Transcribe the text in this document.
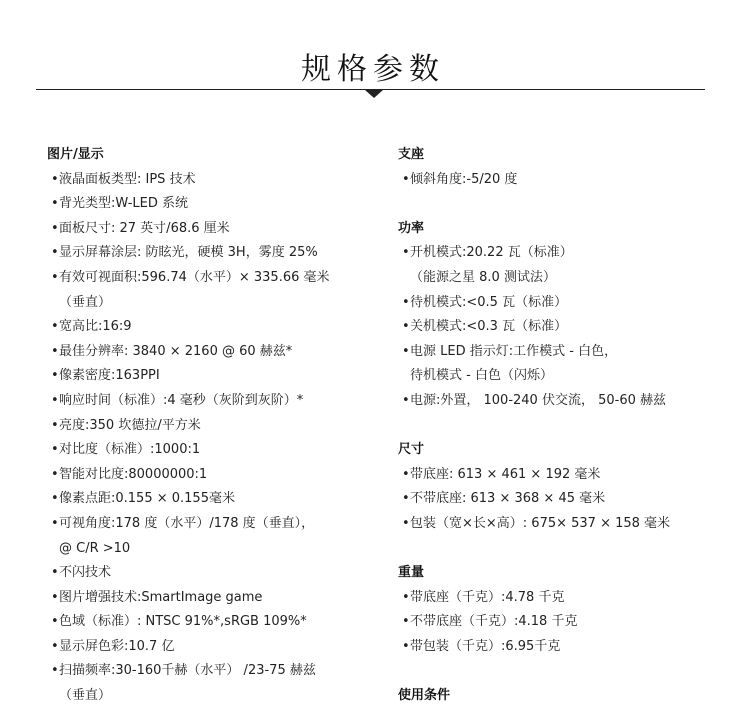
规格参数
图片/显示
•液晶面板类型: IPS 技术
•背光类型:W-LED 系统
•面板尺寸: 27 英寸/68.6 厘米
•显示屏幕涂层: 防眩光，硬模 3H，雾度 25%
•有效可视面积:596.74（水平）× 335.66 毫米
（垂直）
•宽高比:16:9
•最佳分辨率: 3840 × 2160 @ 60 赫兹*
•像素密度:163PPI
•响应时间（标准）:4 毫秒（灰阶到灰阶）*
•亮度:350 坎德拉/平方米
•对比度（标准）:1000:1
•智能对比度:80000000:1
•像素点距:0.155 × 0.155毫米
•可视角度:178 度（水平）/178 度（垂直），
@ C/R >10
•不闪技术
•图片增强技术:SmartImage game
•色域（标准）: NTSC 91%*,sRGB 109%*
•显示屏色彩:10.7 亿
•扫描频率:30-160千赫（水平） /23-75 赫兹
（垂直）
支座
•倾斜角度:-5/20 度
功率
•开机模式:20.22 瓦（标准）
（能源之星 8.0 测试法）
•待机模式:<0.5 瓦（标准）
•关机模式:<0.3 瓦（标准）
•电源 LED 指示灯:工作模式 - 白色，
待机模式 - 白色（闪烁）
•电源:外置， 100-240 伏交流， 50-60 赫兹
尺寸
•带底座: 613 × 461 × 192 毫米
•不带底座: 613 × 368 × 45 毫米
•包装（宽×长×高）: 675× 537 × 158 毫米
重量
•带底座（千克）:4.78 千克
•不带底座（千克）:4.18 千克
•带包装（千克）:6.95千克
使用条件
